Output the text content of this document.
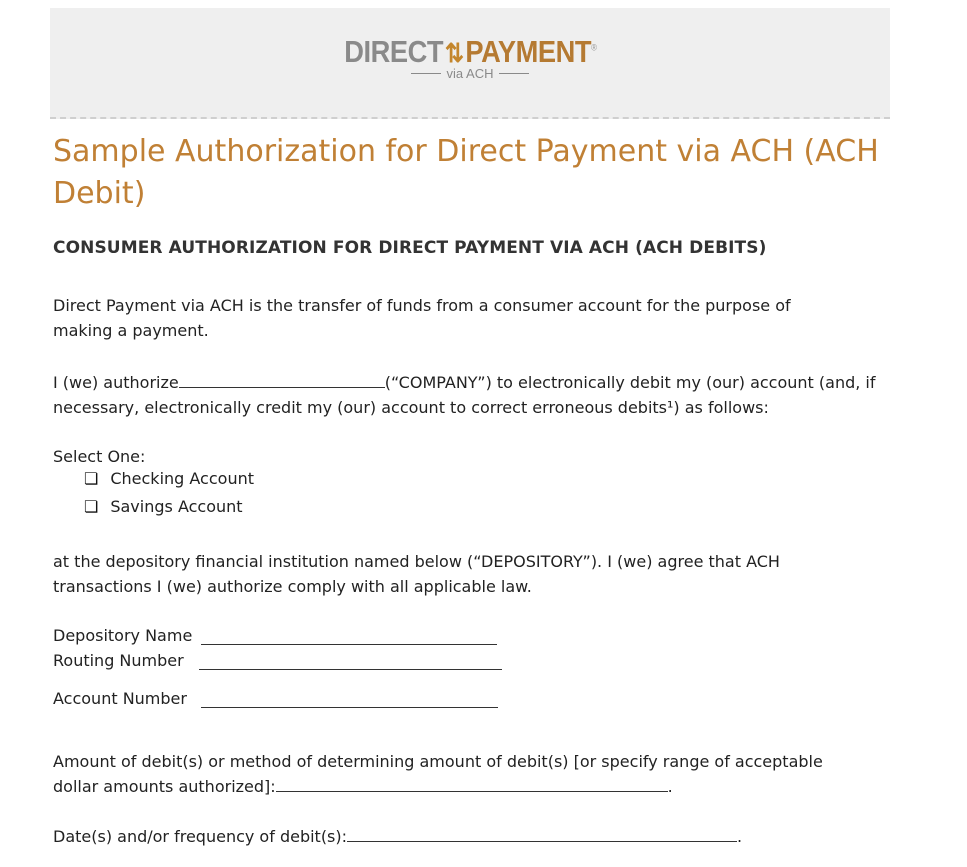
DIRECT⇅PAYMENT®
via ACH
Sample Authorization for Direct Payment via ACH (ACH Debit)
CONSUMER AUTHORIZATION FOR DIRECT PAYMENT VIA ACH (ACH DEBITS)

Direct Payment via ACH is the transfer of funds from a consumer account for the purpose of making a payment.

I (we) authorize	(“COMPANY”) to electronically debit my (our) account (and, if necessary, electronically credit my (our) account to correct erroneous debits¹) as follows:

Select One:
❏ Checking Account
❏ Savings Account

at the depository financial institution named below (“DEPOSITORY”). I (we) agree that ACH transactions I (we) authorize comply with all applicable law.

Depository Name
Routing Number
Account Number

Amount of debit(s) or method of determining amount of debit(s) [or specify range of acceptable dollar amounts authorized]:	.

Date(s) and/or frequency of debit(s):	.
